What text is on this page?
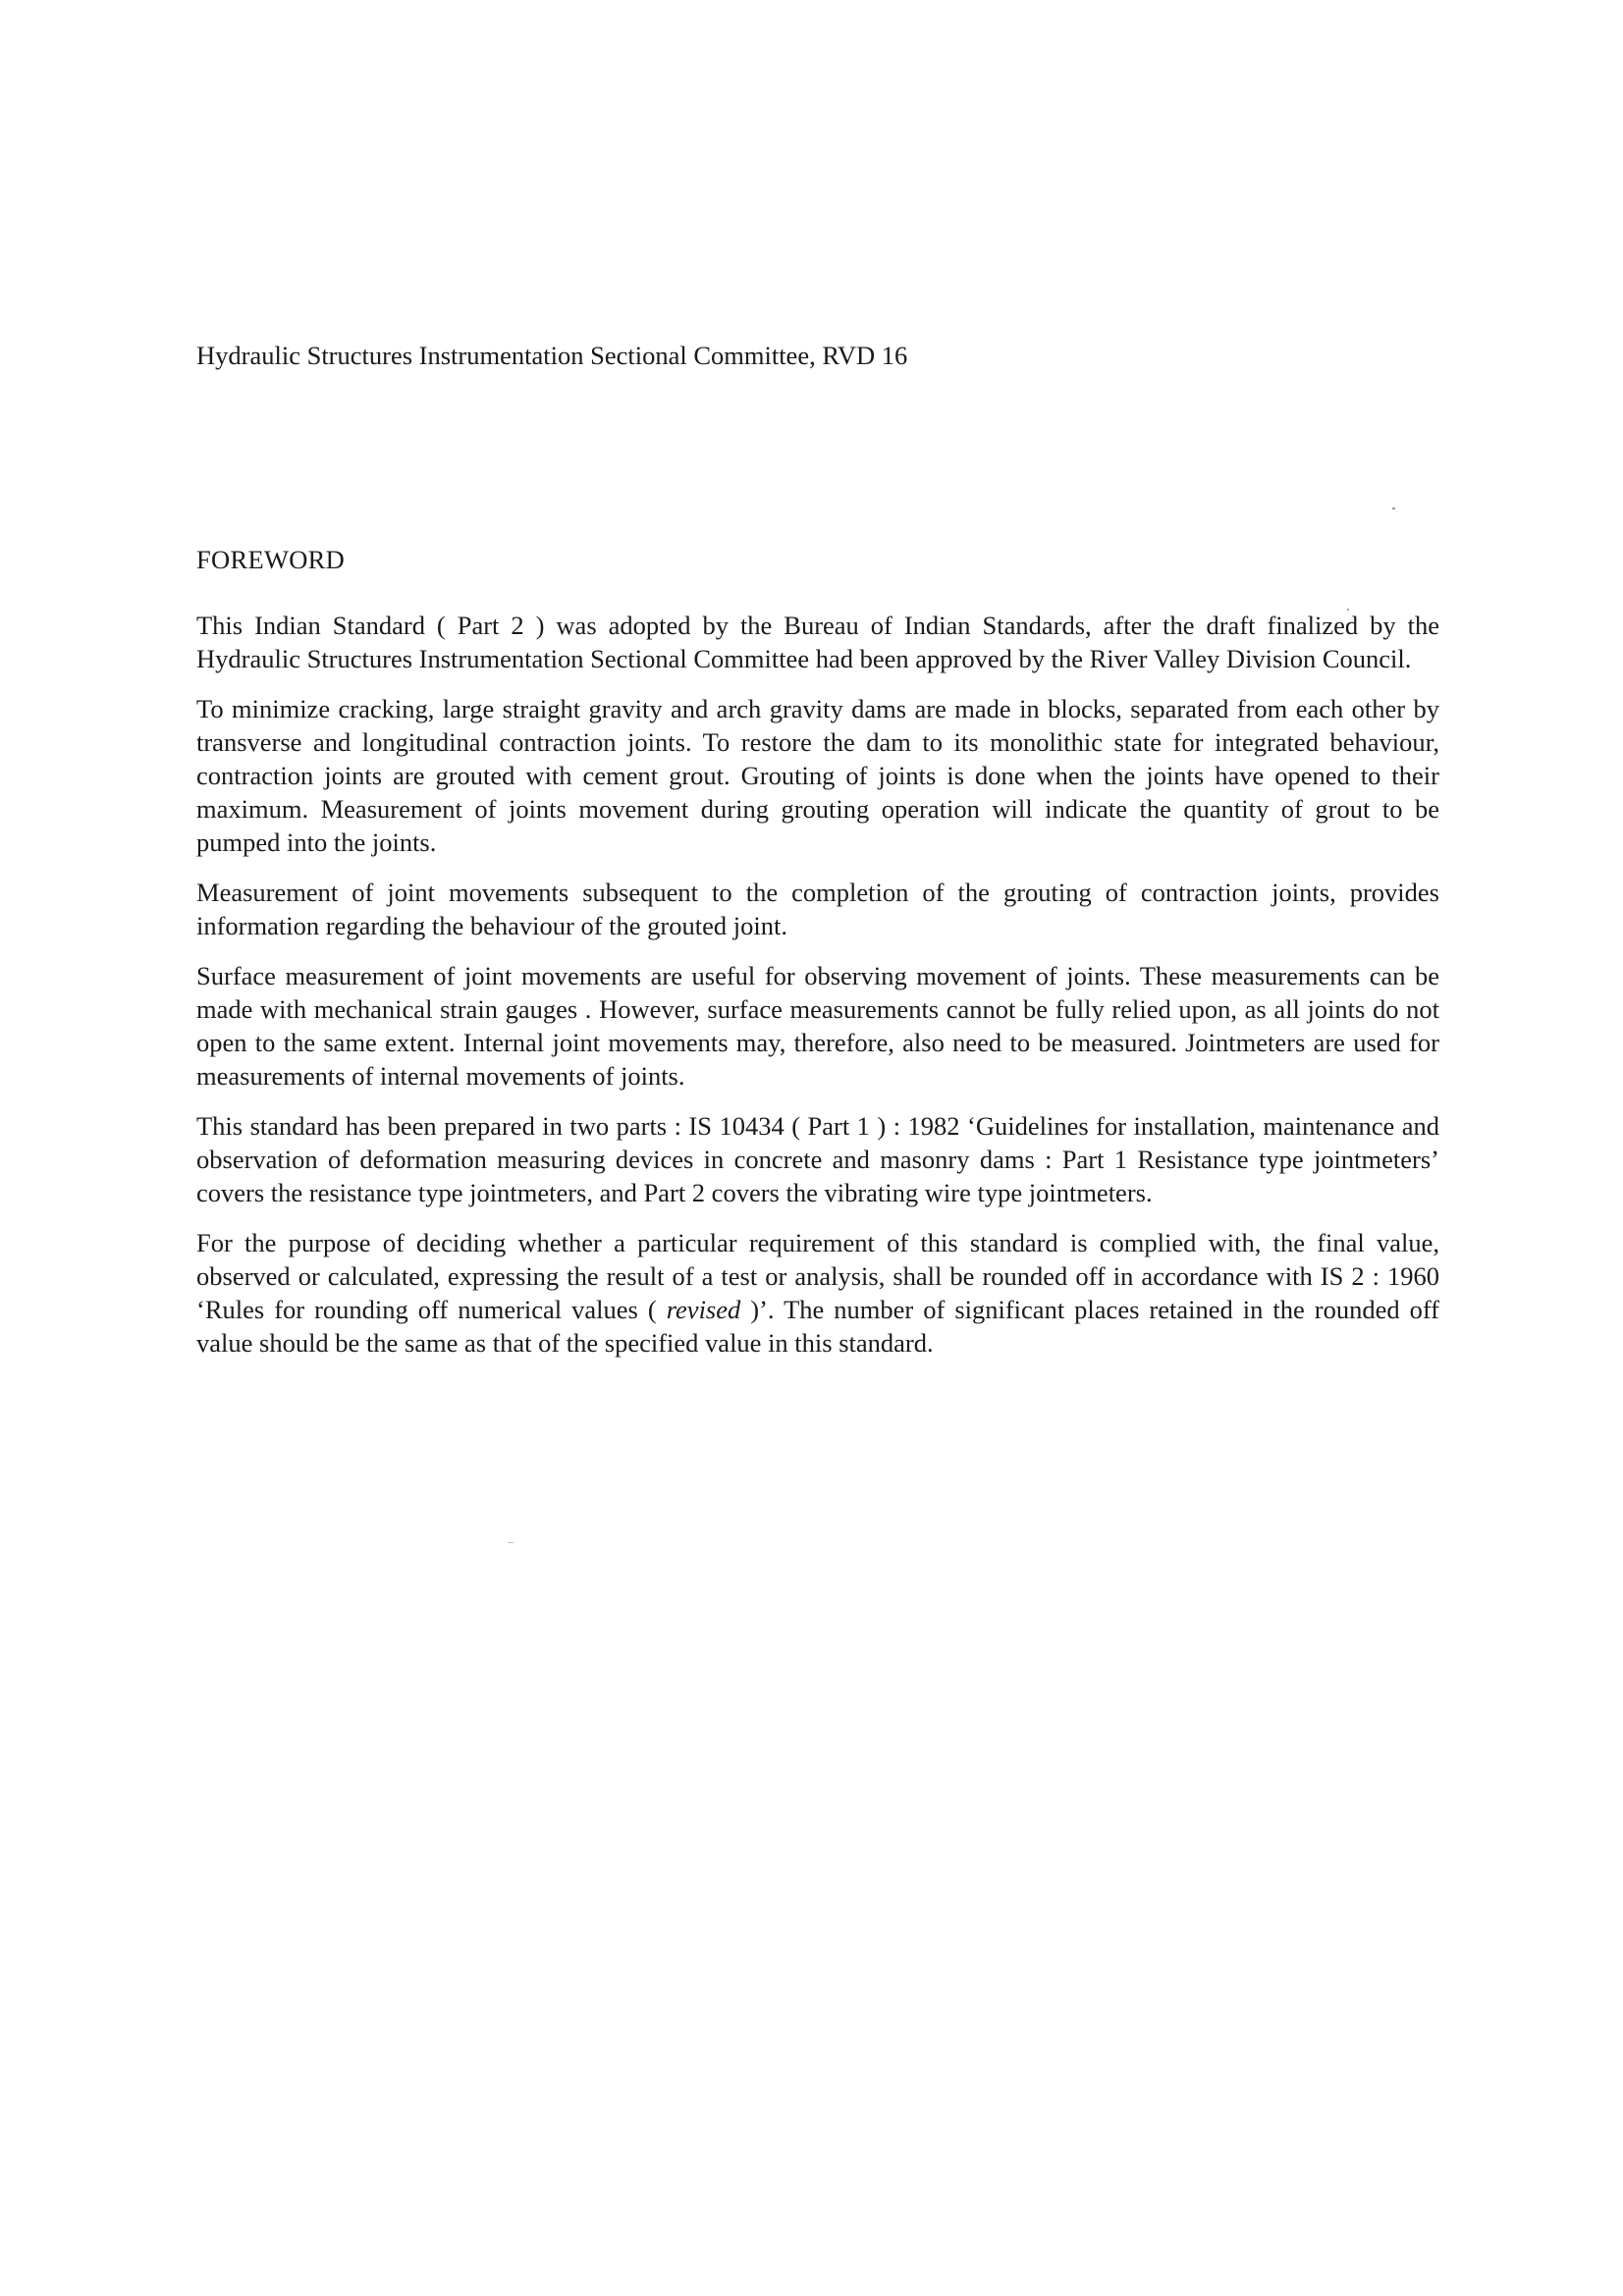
Hydraulic Structures Instrumentation Sectional Committee, RVD 16

FOREWORD

This Indian Standard ( Part 2 ) was adopted by the Bureau of Indian Standards, after the draft finalized by the Hydraulic Structures Instrumentation Sectional Committee had been approved by the River Valley Division Council.

To minimize cracking, large straight gravity and arch gravity dams are made in blocks, separated from each other by transverse and longitudinal contraction joints. To restore the dam to its monolithic state for integrated behaviour, contraction joints are grouted with cement grout. Grouting of joints is done when the joints have opened to their maximum. Measurement of joints movement during grouting operation will indicate the quantity of grout to be pumped into the joints.

Measurement of joint movements subsequent to the completion of the grouting of contraction joints, provides information regarding the behaviour of the grouted joint.

Surface measurement of joint movements are useful for observing movement of joints. These measurements can be made with mechanical strain gauges . However, surface measurements cannot be fully relied upon, as all joints do not open to the same extent. Internal joint movements may, therefore, also need to be measured. Jointmeters are used for measurements of internal movements of joints.

This standard has been prepared in two parts : IS 10434 ( Part 1 ) : 1982 ‘Guidelines for installation, maintenance and observation of deformation measuring devices in concrete and masonry dams : Part 1 Resistance type jointmeters’ covers the resistance type jointmeters, and Part 2 covers the vibrating wire type jointmeters.

For the purpose of deciding whether a particular requirement of this standard is complied with, the final value, observed or calculated, expressing the result of a test or analysis, shall be rounded off in accordance with IS 2 : 1960 ‘Rules for rounding off numerical values ( revised )’. The number of significant places retained in the rounded off value should be the same as that of the specified value in this standard.
